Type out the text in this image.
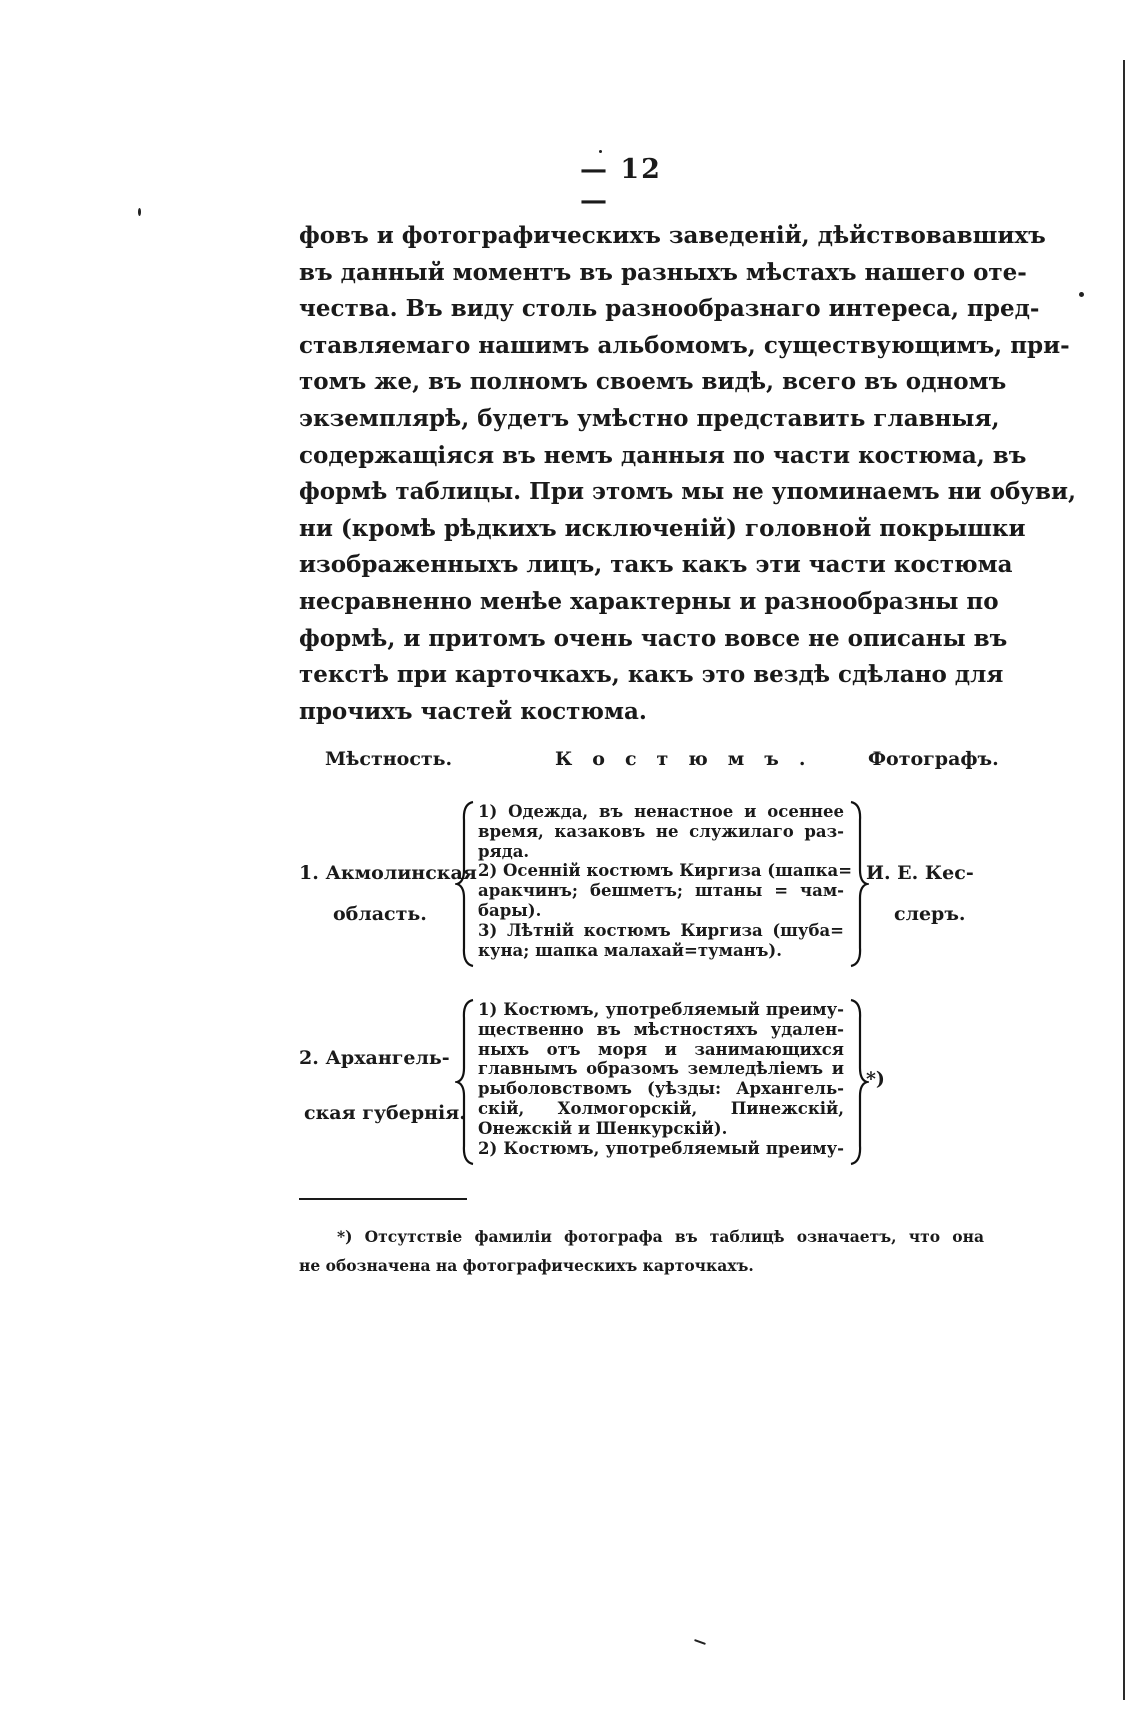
— 12 —
фовъ и фотографическихъ заведеній, дѣйствовавшихъ
въ данный моментъ въ разныхъ мѣстахъ нашего оте-
чества. Въ виду столь разнообразнаго интереса, пред-
ставляемаго нашимъ альбомомъ, существующимъ, при-
томъ же, въ полномъ своемъ видѣ, всего въ одномъ
экземплярѣ, будетъ умѣстно представить главныя,
содержащіяся въ немъ данныя по части костюма, въ
формѣ таблицы. При этомъ мы не упоминаемъ ни обуви,
ни (кромѣ рѣдкихъ исключеній) головной покрышки
изображенныхъ лицъ, такъ какъ эти части костюма
несравненно менѣе характерны и разнообразны по
формѣ, и притомъ очень часто вовсе не описаны въ
текстѣ при карточкахъ, какъ это вездѣ сдѣлано для
прочихъ частей костюма.
Мѣстность.	Костюмъ. Фотографъ.
1. Акмолинская
область.
1) Одежда, въ ненастное и осеннее
время, казаковъ не служилаго раз-
ряда.
2) Осенній костюмъ Киргиза (шапка=
аракчинъ; бешметъ; штаны = чам-
бары).
3) Лѣтній костюмъ Киргиза (шуба=
куна; шапка малахай=туманъ).
И. Е. Кес-
слеръ.
2. Архангель-
ская губернія.
1) Костюмъ, употребляемый преиму-
щественно въ мѣстностяхъ удален-
ныхъ отъ моря и занимающихся
главнымъ образомъ земледѣліемъ и
рыболовствомъ (уѣзды: Архангель-
скій, Холмогорскій, Пинежскій,
Онежскій и Шенкурскій).
2) Костюмъ, употребляемый преиму-
*)
*) Отсутствіе фамиліи фотографа въ таблицѣ означаетъ, что она
не обозначена на фотографическихъ карточкахъ.
